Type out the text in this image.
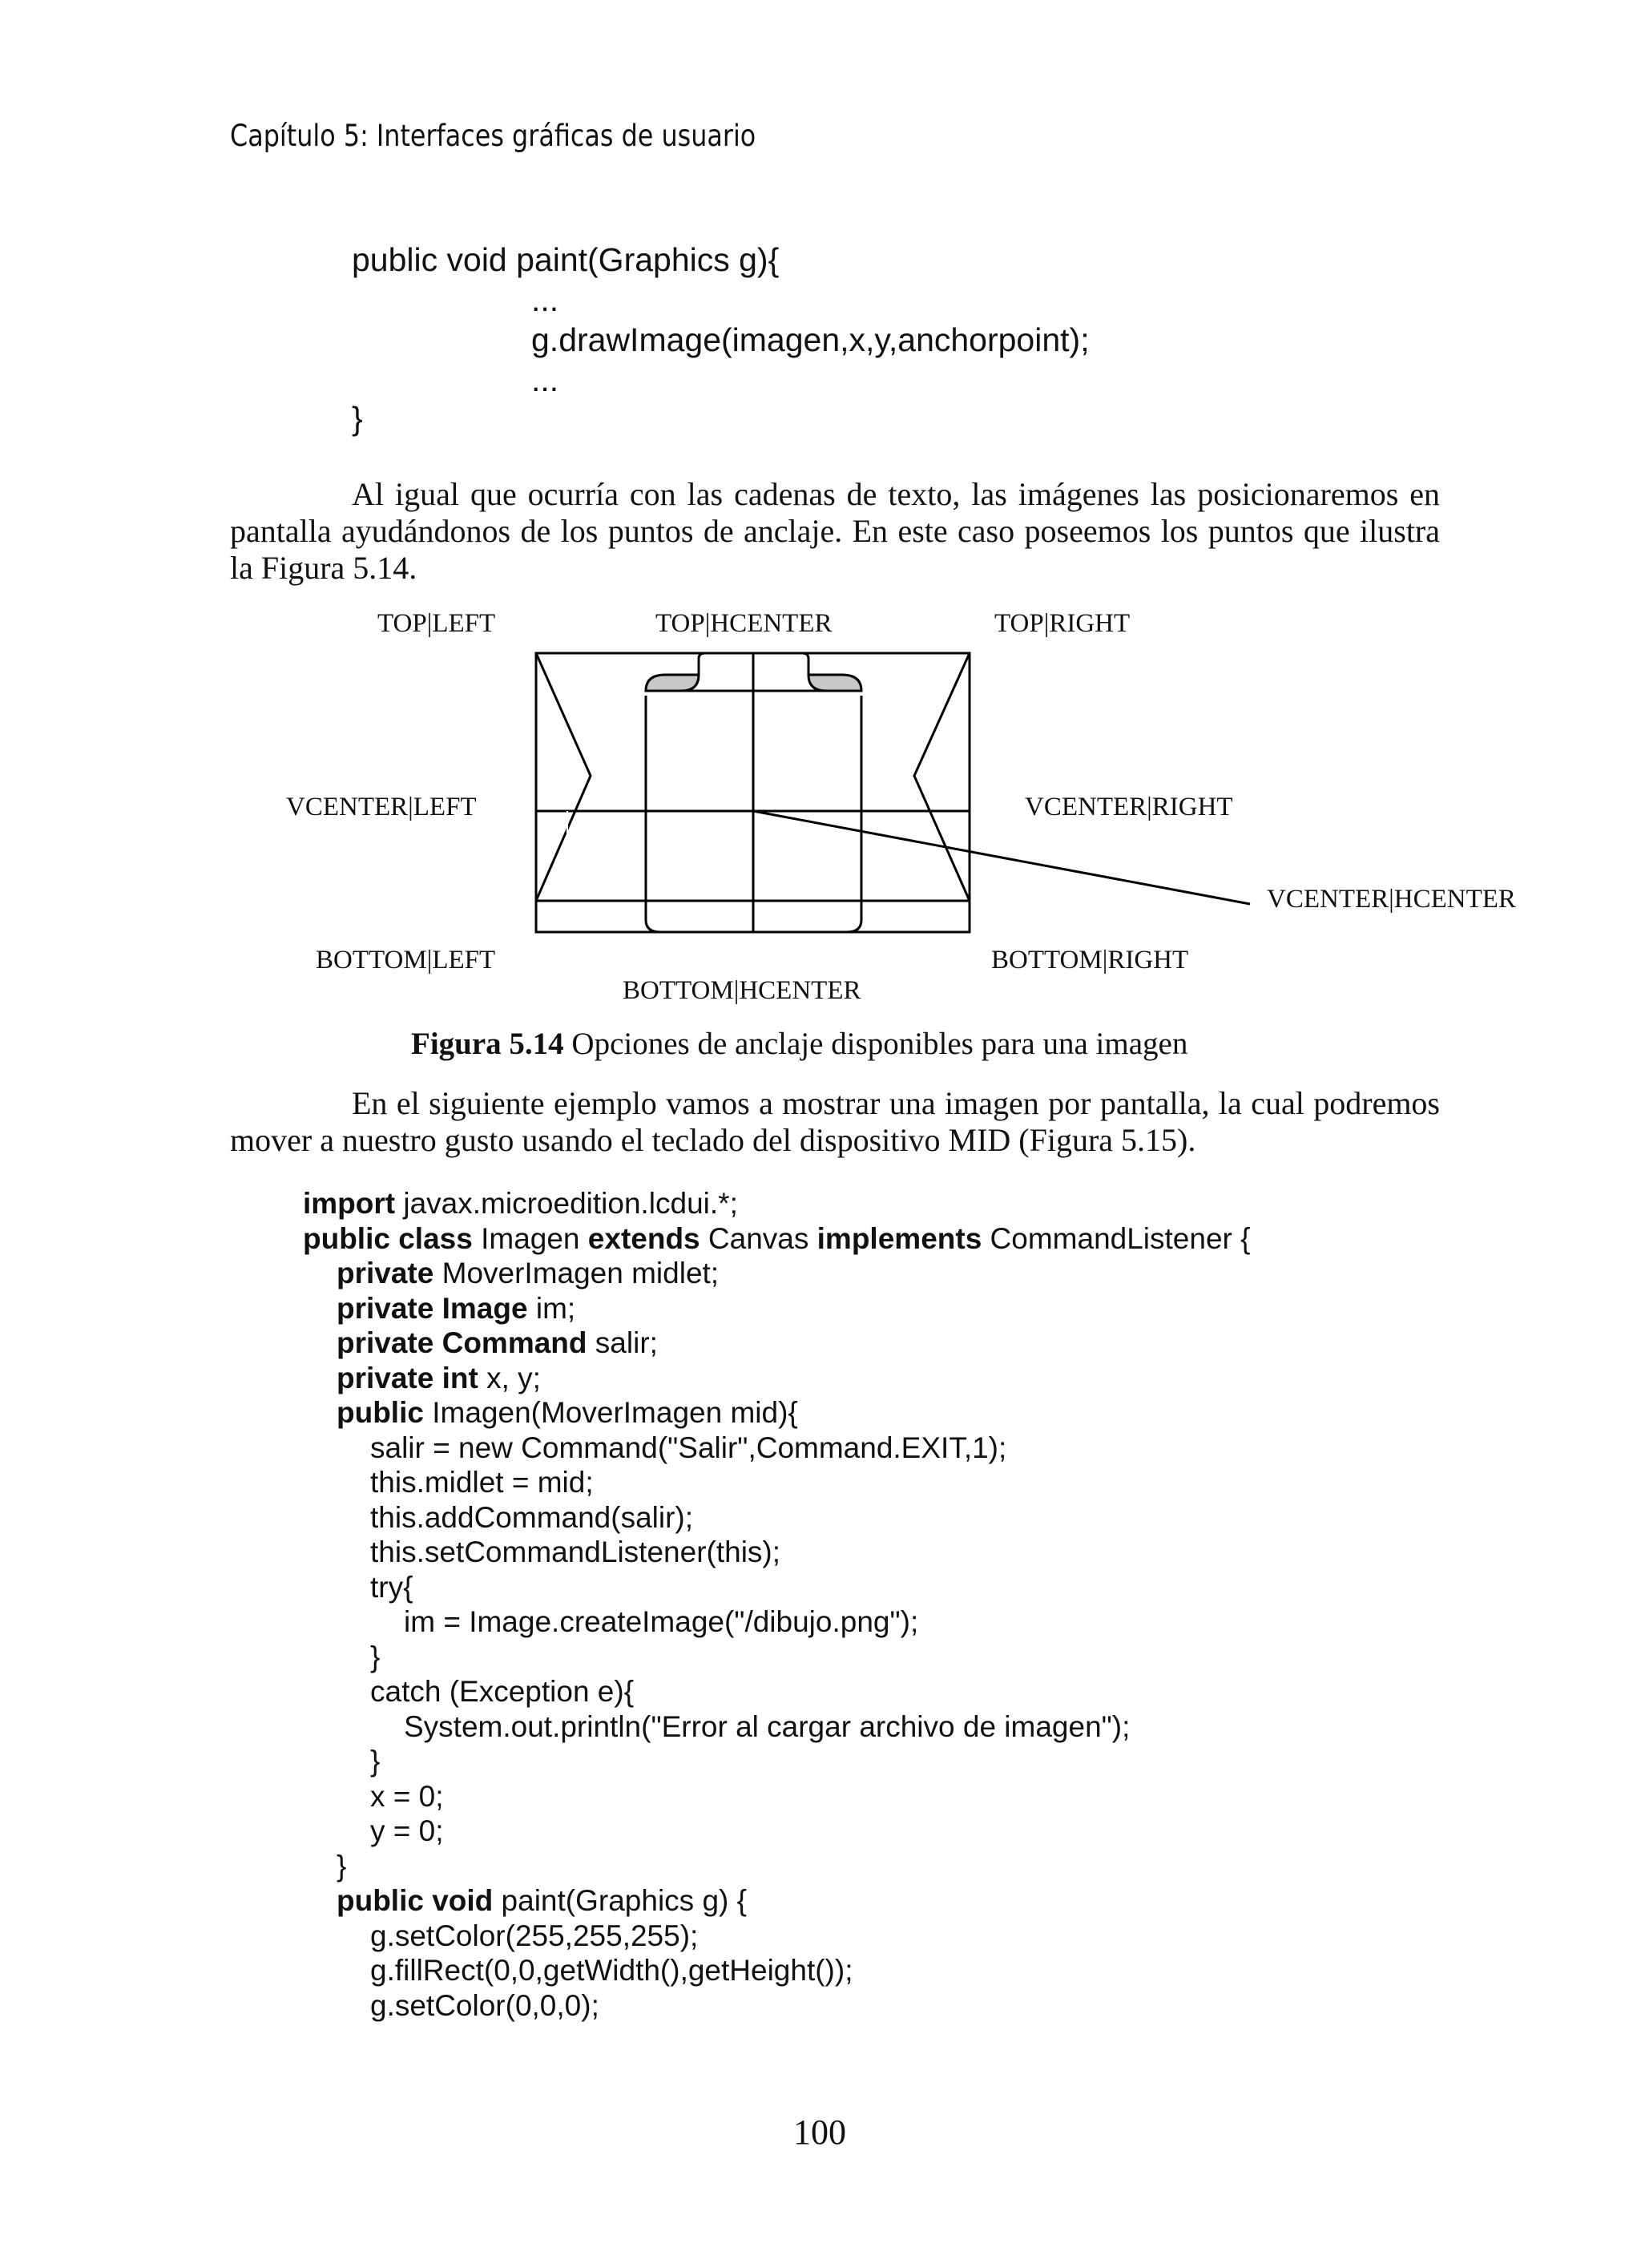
Capítulo 5: Interfaces gráficas de usuario
public void paint(Graphics g){
...
g.drawImage(imagen,x,y,anchorpoint);
...
}
Al igual que ocurría con las cadenas de texto, las imágenes las posicionaremos en pantalla ayudándonos de los puntos de anclaje. En este caso poseemos los puntos que ilustra la Figura 5.14.
TOP|LEFT	TOP|HCENTER	TOP|RIGHT
VCENTER|LEFT	VCENTER|RIGHT
VCENTER|HCENTER
BOTTOM|LEFT	BOTTOM|RIGHT
BOTTOM|HCENTER
Figura 5.14 Opciones de anclaje disponibles para una imagen
En el siguiente ejemplo vamos a mostrar una imagen por pantalla, la cual podremos mover a nuestro gusto usando el teclado del dispositivo MID (Figura 5.15).
import javax.microedition.lcdui.*;
public class Imagen extends Canvas implements CommandListener {
private MoverImagen midlet;
private Image im;
private Command salir;
private int x, y;
public Imagen(MoverImagen mid){
salir = new Command("Salir",Command.EXIT,1);
this.midlet = mid;
this.addCommand(salir);
this.setCommandListener(this);
try{
im = Image.createImage("/dibujo.png");
}
catch (Exception e){
System.out.println("Error al cargar archivo de imagen");
}
x = 0;
y = 0;
}
public void paint(Graphics g) {
g.setColor(255,255,255);
g.fillRect(0,0,getWidth(),getHeight());
g.setColor(0,0,0);
100
